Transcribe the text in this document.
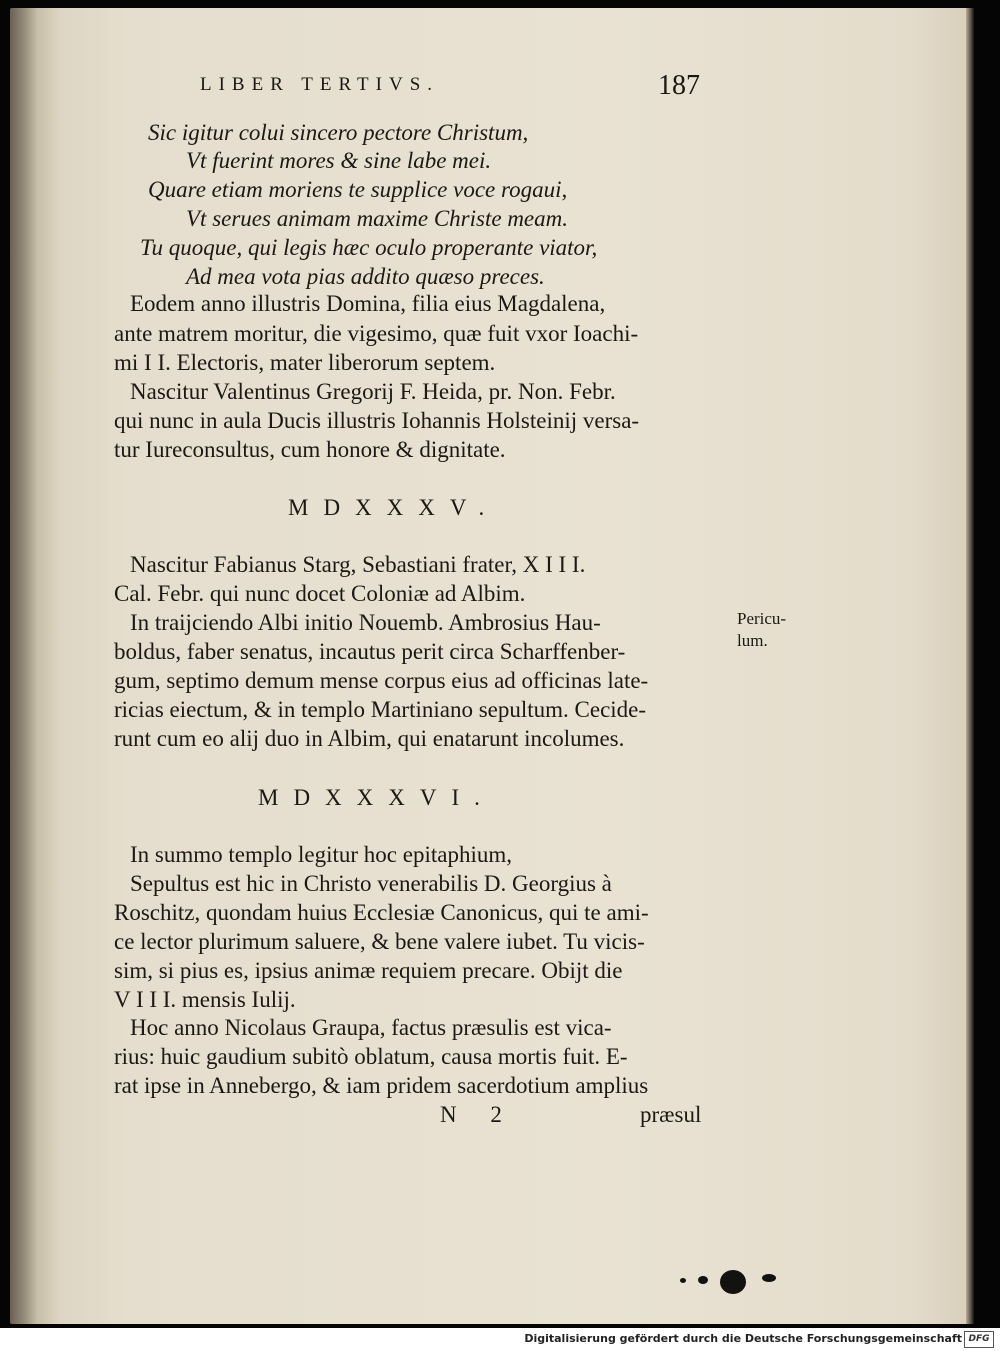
LIBER TERTIVS.	187
Sic igitur colui sincero pectore Christum,
Vt fuerint mores & sine labe mei.
Quare etiam moriens te supplice voce rogaui,
Vt serues animam maxime Christe meam.
Tu quoque, qui legis hæc oculo properante viator,
Ad mea vota pias addito quæso preces.
Eodem anno illustris Domina, filia eius Magdalena,
ante matrem moritur, die vigesimo, quæ fuit vxor Ioachi-
mi I I. Electoris, mater liberorum septem.
Nascitur Valentinus Gregorij F. Heida, pr. Non. Febr.
qui nunc in aula Ducis illustris Iohannis Holsteinij versa-
tur Iureconsultus, cum honore & dignitate.
MDXXXV.
Nascitur Fabianus Starg, Sebastiani frater, X I I I.
Cal. Febr. qui nunc docet Coloniæ ad Albim.
In traijciendo Albi initio Nouemb. Ambrosius Hau-
boldus, faber senatus, incautus perit circa Scharffenber-
gum, septimo demum mense corpus eius ad officinas late-
ricias eiectum, & in templo Martiniano sepultum. Cecide-
runt cum eo alij duo in Albim, qui enatarunt incolumes.
Pericu-
lum.
MDXXXVI.
In summo templo legitur hoc epitaphium,
Sepultus est hic in Christo venerabilis D. Georgius à
Roschitz, quondam huius Ecclesiæ Canonicus, qui te ami-
ce lector plurimum saluere, & bene valere iubet. Tu vicis-
sim, si pius es, ipsius animæ requiem precare. Obijt die
V I I I. mensis Iulij.
Hoc anno Nicolaus Graupa, factus præsulis est vica-
rius: huic gaudium subitò oblatum, causa mortis fuit. E-
rat ipse in Annebergo, & iam pridem sacerdotium amplius
N 2	præsul
Digitalisierung gefördert durch die Deutsche Forschungsgemeinschaft DFG
